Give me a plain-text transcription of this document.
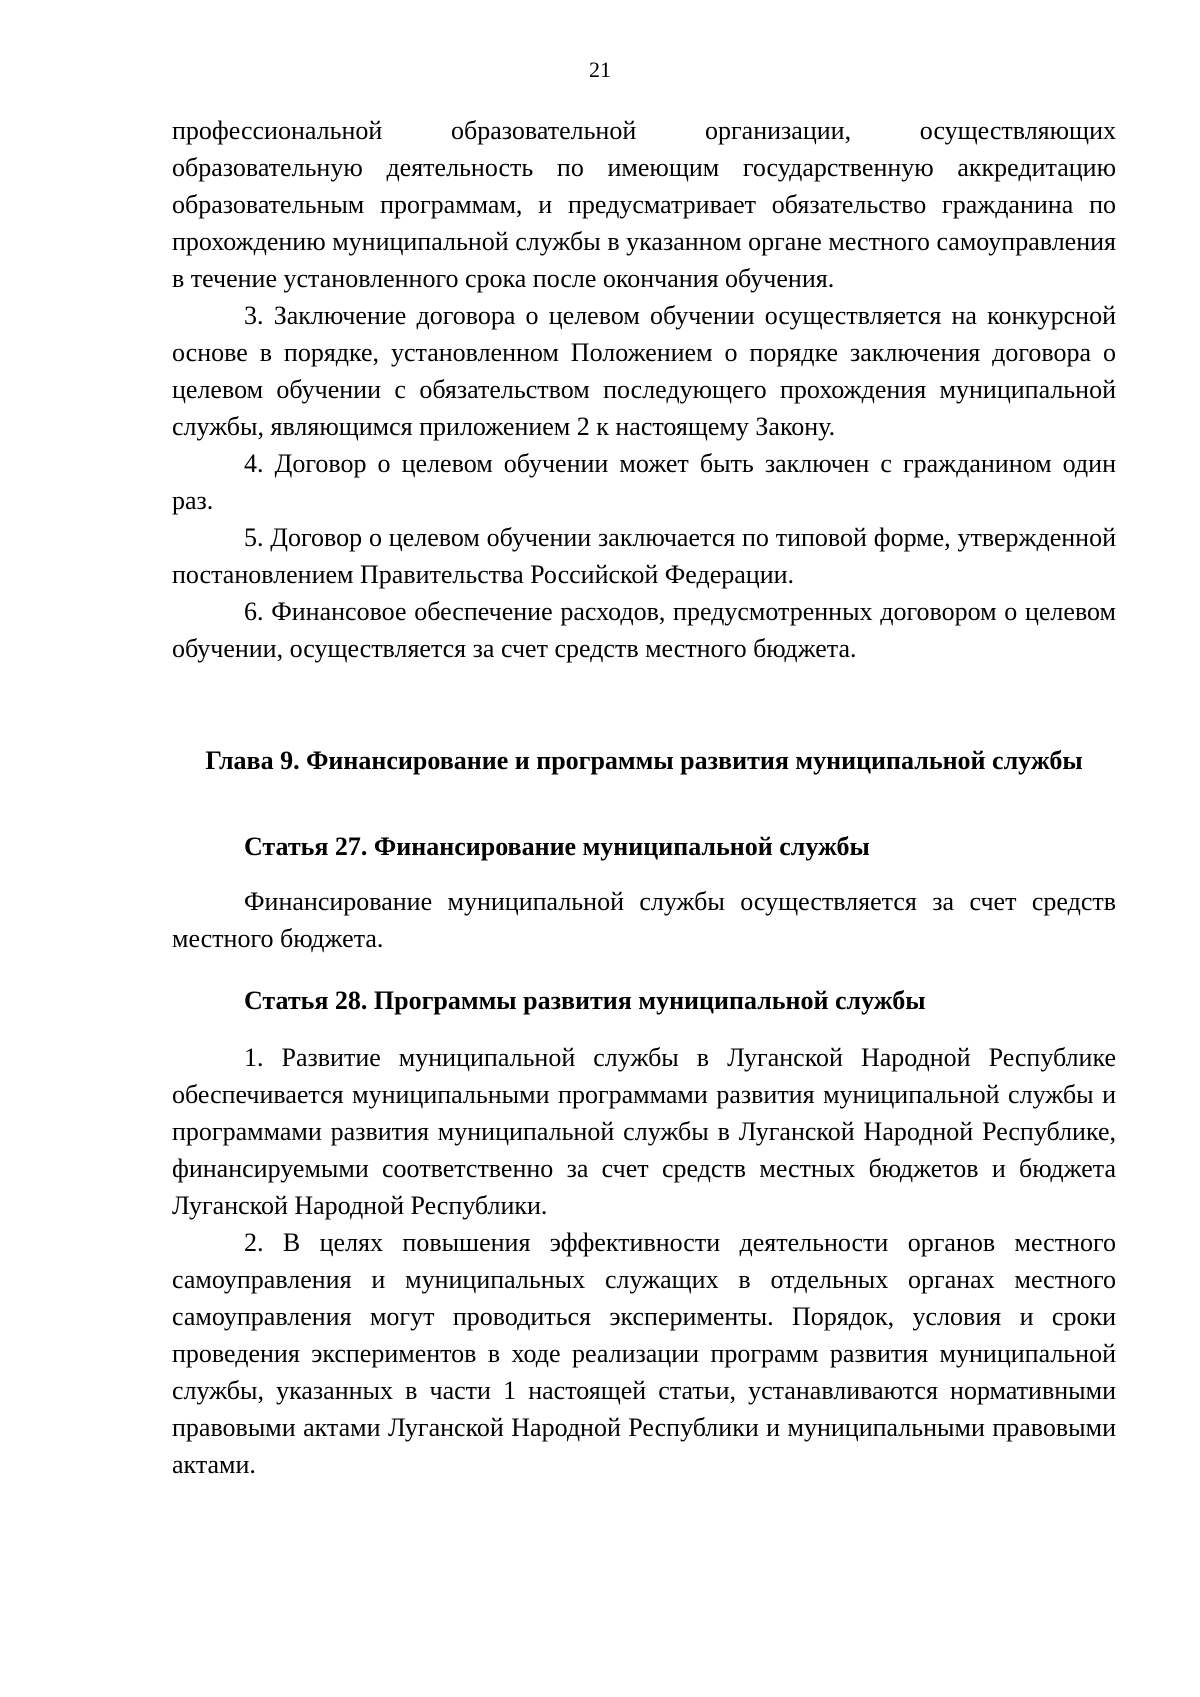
21

профессиональной образовательной организации, осуществляющих образовательную деятельность по имеющим государственную аккредитацию образовательным программам, и предусматривает обязательство гражданина по прохождению муниципальной службы в указанном органе местного самоуправления в течение установленного срока после окончания обучения.

3. Заключение договора о целевом обучении осуществляется на конкурсной основе в порядке, установленном Положением о порядке заключения договора о целевом обучении с обязательством последующего прохождения муниципальной службы, являющимся приложением 2 к настоящему Закону.

4. Договор о целевом обучении может быть заключен с гражданином один раз.

5. Договор о целевом обучении заключается по типовой форме, утвержденной постановлением Правительства Российской Федерации.

6. Финансовое обеспечение расходов, предусмотренных договором о целевом обучении, осуществляется за счет средств местного бюджета.

Глава 9. Финансирование и программы развития муниципальной службы
Статья 27. Финансирование муниципальной службы

Финансирование муниципальной службы осуществляется за счет средств местного бюджета.

Статья 28. Программы развития муниципальной службы

1. Развитие муниципальной службы в Луганской Народной Республике обеспечивается муниципальными программами развития муниципальной службы и программами развития муниципальной службы в Луганской Народной Республике, финансируемыми соответственно за счет средств местных бюджетов и бюджета Луганской Народной Республики.

2. В целях повышения эффективности деятельности органов местного самоуправления и муниципальных служащих в отдельных органах местного самоуправления могут проводиться эксперименты. Порядок, условия и сроки проведения экспериментов в ходе реализации программ развития муниципальной службы, указанных в части 1 настоящей статьи, устанавливаются нормативными правовыми актами Луганской Народной Республики и муниципальными правовыми актами.
